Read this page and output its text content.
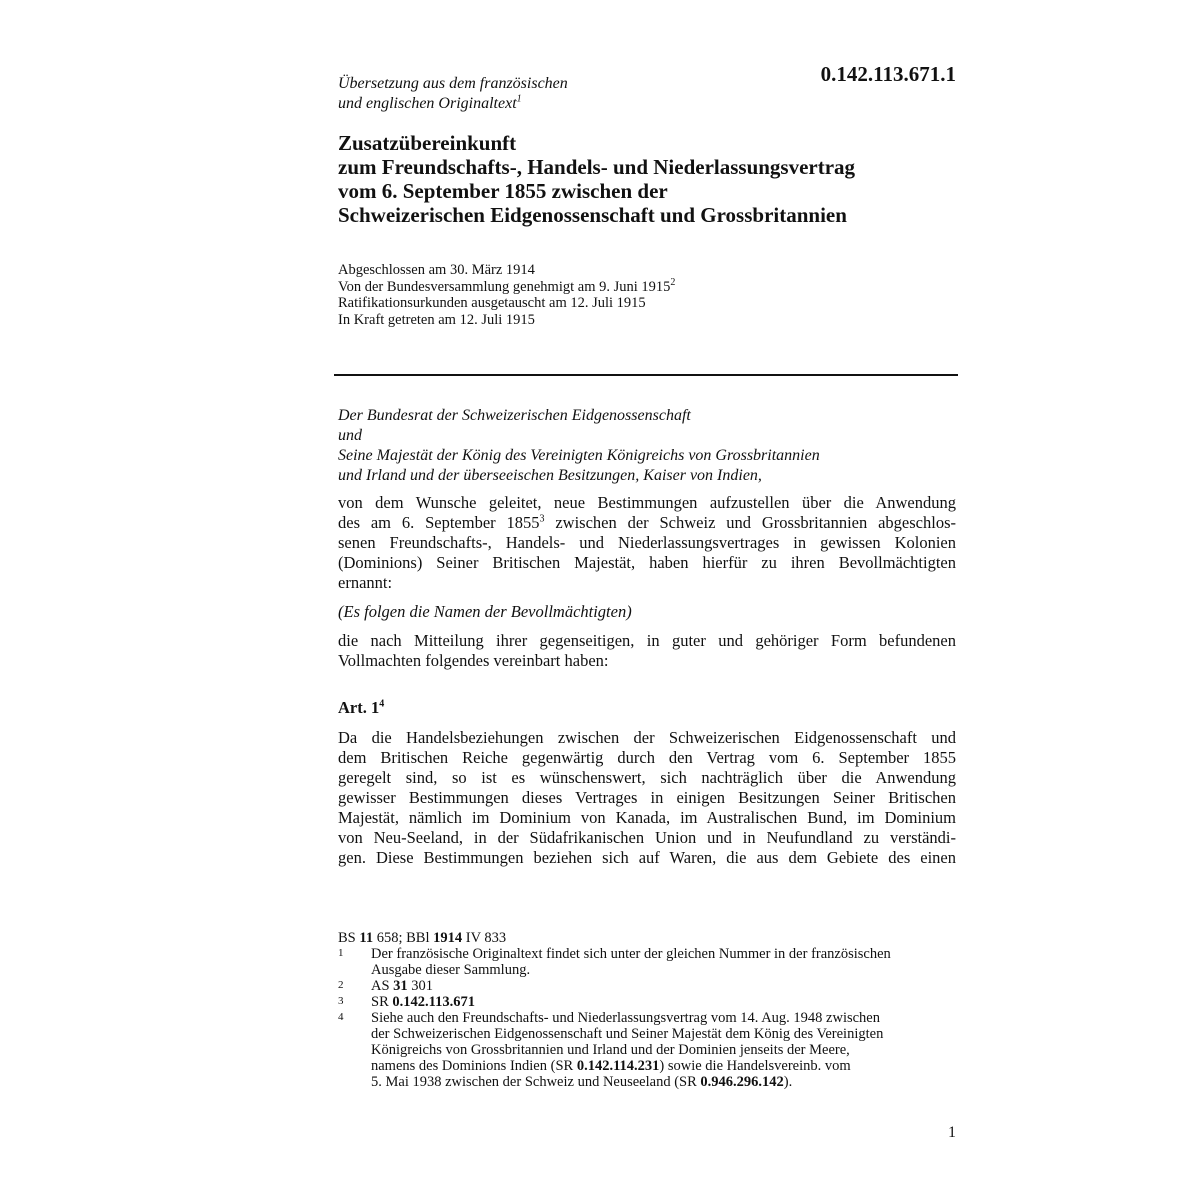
0.142.113.671.1
Übersetzung aus dem französischen
und englischen Originaltext$^1$
Zusatzübereinkunft
zum Freundschafts-, Handels- und Niederlassungsvertrag
vom 6. September 1855 zwischen der
Schweizerischen Eidgenossenschaft und Grossbritannien
Abgeschlossen am 30. März 1914
Von der Bundesversammlung genehmigt am 9. Juni 1915$^2$
Ratifikationsurkunden ausgetauscht am 12. Juli 1915
In Kraft getreten am 12. Juli 1915
Der Bundesrat der Schweizerischen Eidgenossenschaft
und
Seine Majestät der König des Vereinigten Königreichs von Grossbritannien
und Irland und der überseeischen Besitzungen, Kaiser von Indien,
von dem Wunsche geleitet, neue Bestimmungen aufzustellen über die Anwendung
des am 6. September 1855$^3$ zwischen der Schweiz und Grossbritannien abgeschlos-
senen Freundschafts-, Handels- und Niederlassungsvertrages in gewissen Kolonien
(Dominions) Seiner Britischen Majestät, haben hierfür zu ihren Bevollmächtigten
ernannt:
(Es folgen die Namen der Bevollmächtigten)
die nach Mitteilung ihrer gegenseitigen, in guter und gehöriger Form befundenen
Vollmachten folgendes vereinbart haben:
Art. $1^4$
Da die Handelsbeziehungen zwischen der Schweizerischen Eidgenossenschaft und
dem Britischen Reiche gegenwärtig durch den Vertrag vom 6. September 1855
geregelt sind, so ist es wünschenswert, sich nachträglich über die Anwendung
gewisser Bestimmungen dieses Vertrages in einigen Besitzungen Seiner Britischen
Majestät, nämlich im Dominium von Kanada, im Australischen Bund, im Dominium
von Neu-Seeland, in der Südafrikanischen Union und in Neufundland zu verständi-
gen. Diese Bestimmungen beziehen sich auf Waren, die aus dem Gebiete des einen
BS 11 658; BBl 1914 IV 833
1	Der französische Originaltext findet sich unter der gleichen Nummer in der französischen
Ausgabe dieser Sammlung.
2	AS 31 301
3	SR 0.142.113.671
4	Siehe auch den Freundschafts- und Niederlassungsvertrag vom 14. Aug. 1948 zwischen
der Schweizerischen Eidgenossenschaft und Seiner Majestät dem König des Vereinigten
Königreichs von Grossbritannien und Irland und der Dominien jenseits der Meere,
namens des Dominions Indien (SR 0.142.114.231) sowie die Handelsvereinb. vom
5. Mai 1938 zwischen der Schweiz und Neuseeland (SR 0.946.296.142).
1
